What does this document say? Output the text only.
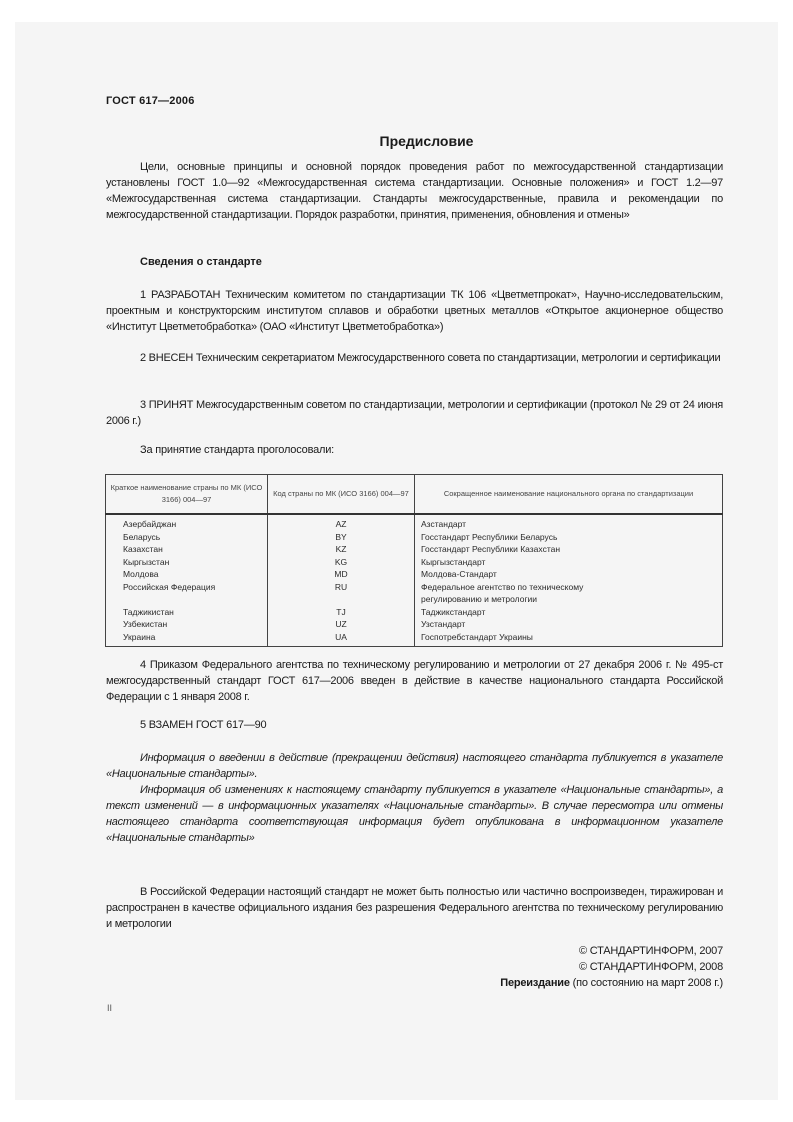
ГОСТ 617—2006
Предисловие
Цели, основные принципы и основной порядок проведения работ по межгосударственной стандартизации установлены ГОСТ 1.0—92 «Межгосударственная система стандартизации. Основные положения» и ГОСТ 1.2—97 «Межгосударственная система стандартизации. Стандарты межгосударственные, правила и рекомендации по межгосударственной стандартизации. Порядок разработки, принятия, применения, обновления и отмены»
Сведения о стандарте
1 РАЗРАБОТАН Техническим комитетом по стандартизации ТК 106 «Цветметпрокат», Научно-исследовательским, проектным и конструкторским институтом сплавов и обработки цветных металлов «Открытое акционерное общество «Институт Цветметобработка» (ОАО «Институт Цветметобработка»)
2 ВНЕСЕН Техническим секретариатом Межгосударственного совета по стандартизации, метрологии и сертификации
3 ПРИНЯТ Межгосударственным советом по стандартизации, метрологии и сертификации (протокол № 29 от 24 июня 2006 г.)
За принятие стандарта проголосовали:
Краткое наименование страны по МК (ИСО 3166) 004—97	Код страны по МК (ИСО 3166) 004—97	Сокращенное наименование национального органа по стандартизации
Азербайджан	AZ	Азстандарт
Беларусь	BY	Госстандарт Республики Беларусь
Казахстан	KZ	Госстандарт Республики Казахстан
Кыргызстан	KG	Кыргызстандарт
Молдова	MD	Молдова-Стандарт
Российская Федерация	RU	Федеральное агентство по техническому регулированию и метрологии
Таджикистан	TJ	Таджикстандарт
Узбекистан	UZ	Узстандарт
Украина	UA	Госпотребстандарт Украины
4 Приказом Федерального агентства по техническому регулированию и метрологии от 27 декабря 2006 г. № 495-ст межгосударственный стандарт ГОСТ 617—2006 введен в действие в качестве национального стандарта Российской Федерации с 1 января 2008 г.
5 ВЗАМЕН ГОСТ 617—90
Информация о введении в действие (прекращении действия) настоящего стандарта публикуется в указателе «Национальные стандарты».
Информация об изменениях к настоящему стандарту публикуется в указателе «Национальные стандарты», а текст изменений — в информационных указателях «Национальные стандарты». В случае пересмотра или отмены настоящего стандарта соответствующая информация будет опубликована в информационном указателе «Национальные стандарты»
В Российской Федерации настоящий стандарт не может быть полностью или частично воспроизведен, тиражирован и распространен в качестве официального издания без разрешения Федерального агентства по техническому регулированию и метрологии
© СТАНДАРТИНФОРМ, 2007
© СТАНДАРТИНФОРМ, 2008
Переиздание (по состоянию на март 2008 г.)
II
